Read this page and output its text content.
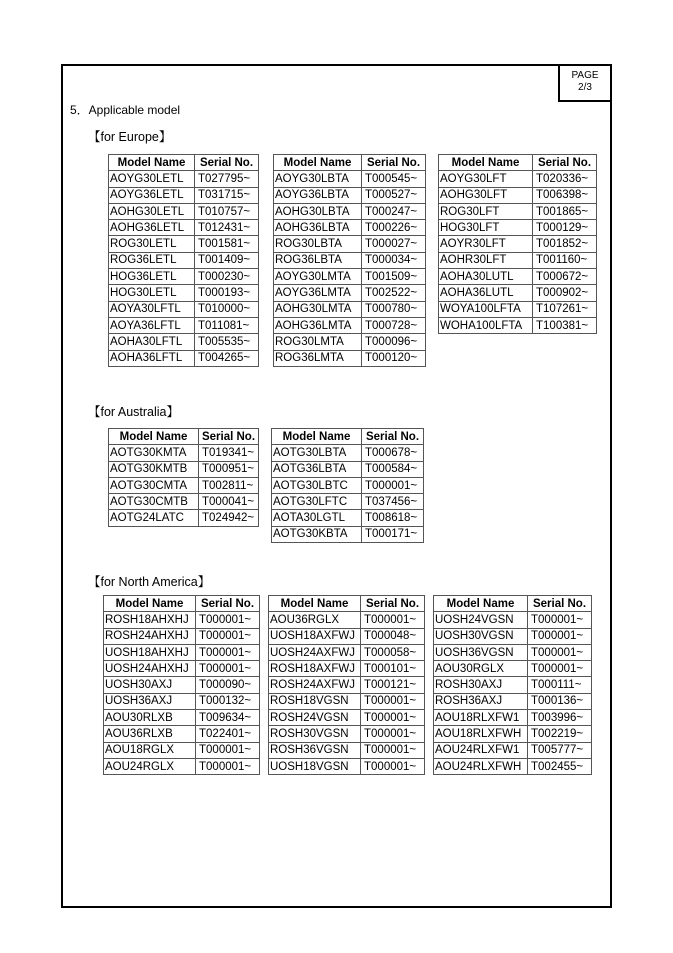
PAGE
2/3
5．Applicable model
【for Europe】
【for Australia】
【for North America】
Model Name	Serial No.
AOYG30LETL	T027795~
AOYG36LETL	T031715~
AOHG30LETL	T010757~
AOHG36LETL	T012431~
ROG30LETL	T001581~
ROG36LETL	T001409~
HOG36LETL	T000230~
HOG30LETL	T000193~
AOYA30LFTL	T010000~
AOYA36LFTL	T011081~
AOHA30LFTL	T005535~
AOHA36LFTL	T004265~
Model Name	Serial No.
AOYG30LBTA	T000545~
AOYG36LBTA	T000527~
AOHG30LBTA	T000247~
AOHG36LBTA	T000226~
ROG30LBTA	T000027~
ROG36LBTA	T000034~
AOYG30LMTA	T001509~
AOYG36LMTA	T002522~
AOHG30LMTA	T000780~
AOHG36LMTA	T000728~
ROG30LMTA	T000096~
ROG36LMTA	T000120~
Model Name	Serial No.
AOYG30LFT	T020336~
AOHG30LFT	T006398~
ROG30LFT	T001865~
HOG30LFT	T000129~
AOYR30LFT	T001852~
AOHR30LFT	T001160~
AOHA30LUTL	T000672~
AOHA36LUTL	T000902~
WOYA100LFTA	T107261~
WOHA100LFTA	T100381~
Model Name	Serial No.
AOTG30KMTA	T019341~
AOTG30KMTB	T000951~
AOTG30CMTA	T002811~
AOTG30CMTB	T000041~
AOTG24LATC	T024942~
Model Name	Serial No.
AOTG30LBTA	T000678~
AOTG36LBTA	T000584~
AOTG30LBTC	T000001~
AOTG30LFTC	T037456~
AOTA30LGTL	T008618~
AOTG30KBTA	T000171~
Model Name	Serial No.
ROSH18AHXHJ	T000001~
ROSH24AHXHJ	T000001~
UOSH18AHXHJ	T000001~
UOSH24AHXHJ	T000001~
UOSH30AXJ	T000090~
UOSH36AXJ	T000132~
AOU30RLXB	T009634~
AOU36RLXB	T022401~
AOU18RGLX	T000001~
AOU24RGLX	T000001~
Model Name	Serial No.
AOU36RGLX	T000001~
UOSH18AXFWJ	T000048~
UOSH24AXFWJ	T000058~
ROSH18AXFWJ	T000101~
ROSH24AXFWJ	T000121~
ROSH18VGSN	T000001~
ROSH24VGSN	T000001~
ROSH30VGSN	T000001~
ROSH36VGSN	T000001~
UOSH18VGSN	T000001~
Model Name	Serial No.
UOSH24VGSN	T000001~
UOSH30VGSN	T000001~
UOSH36VGSN	T000001~
AOU30RGLX	T000001~
ROSH30AXJ	T000111~
ROSH36AXJ	T000136~
AOU18RLXFW1	T003996~
AOU18RLXFWH	T002219~
AOU24RLXFW1	T005777~
AOU24RLXFWH	T002455~
